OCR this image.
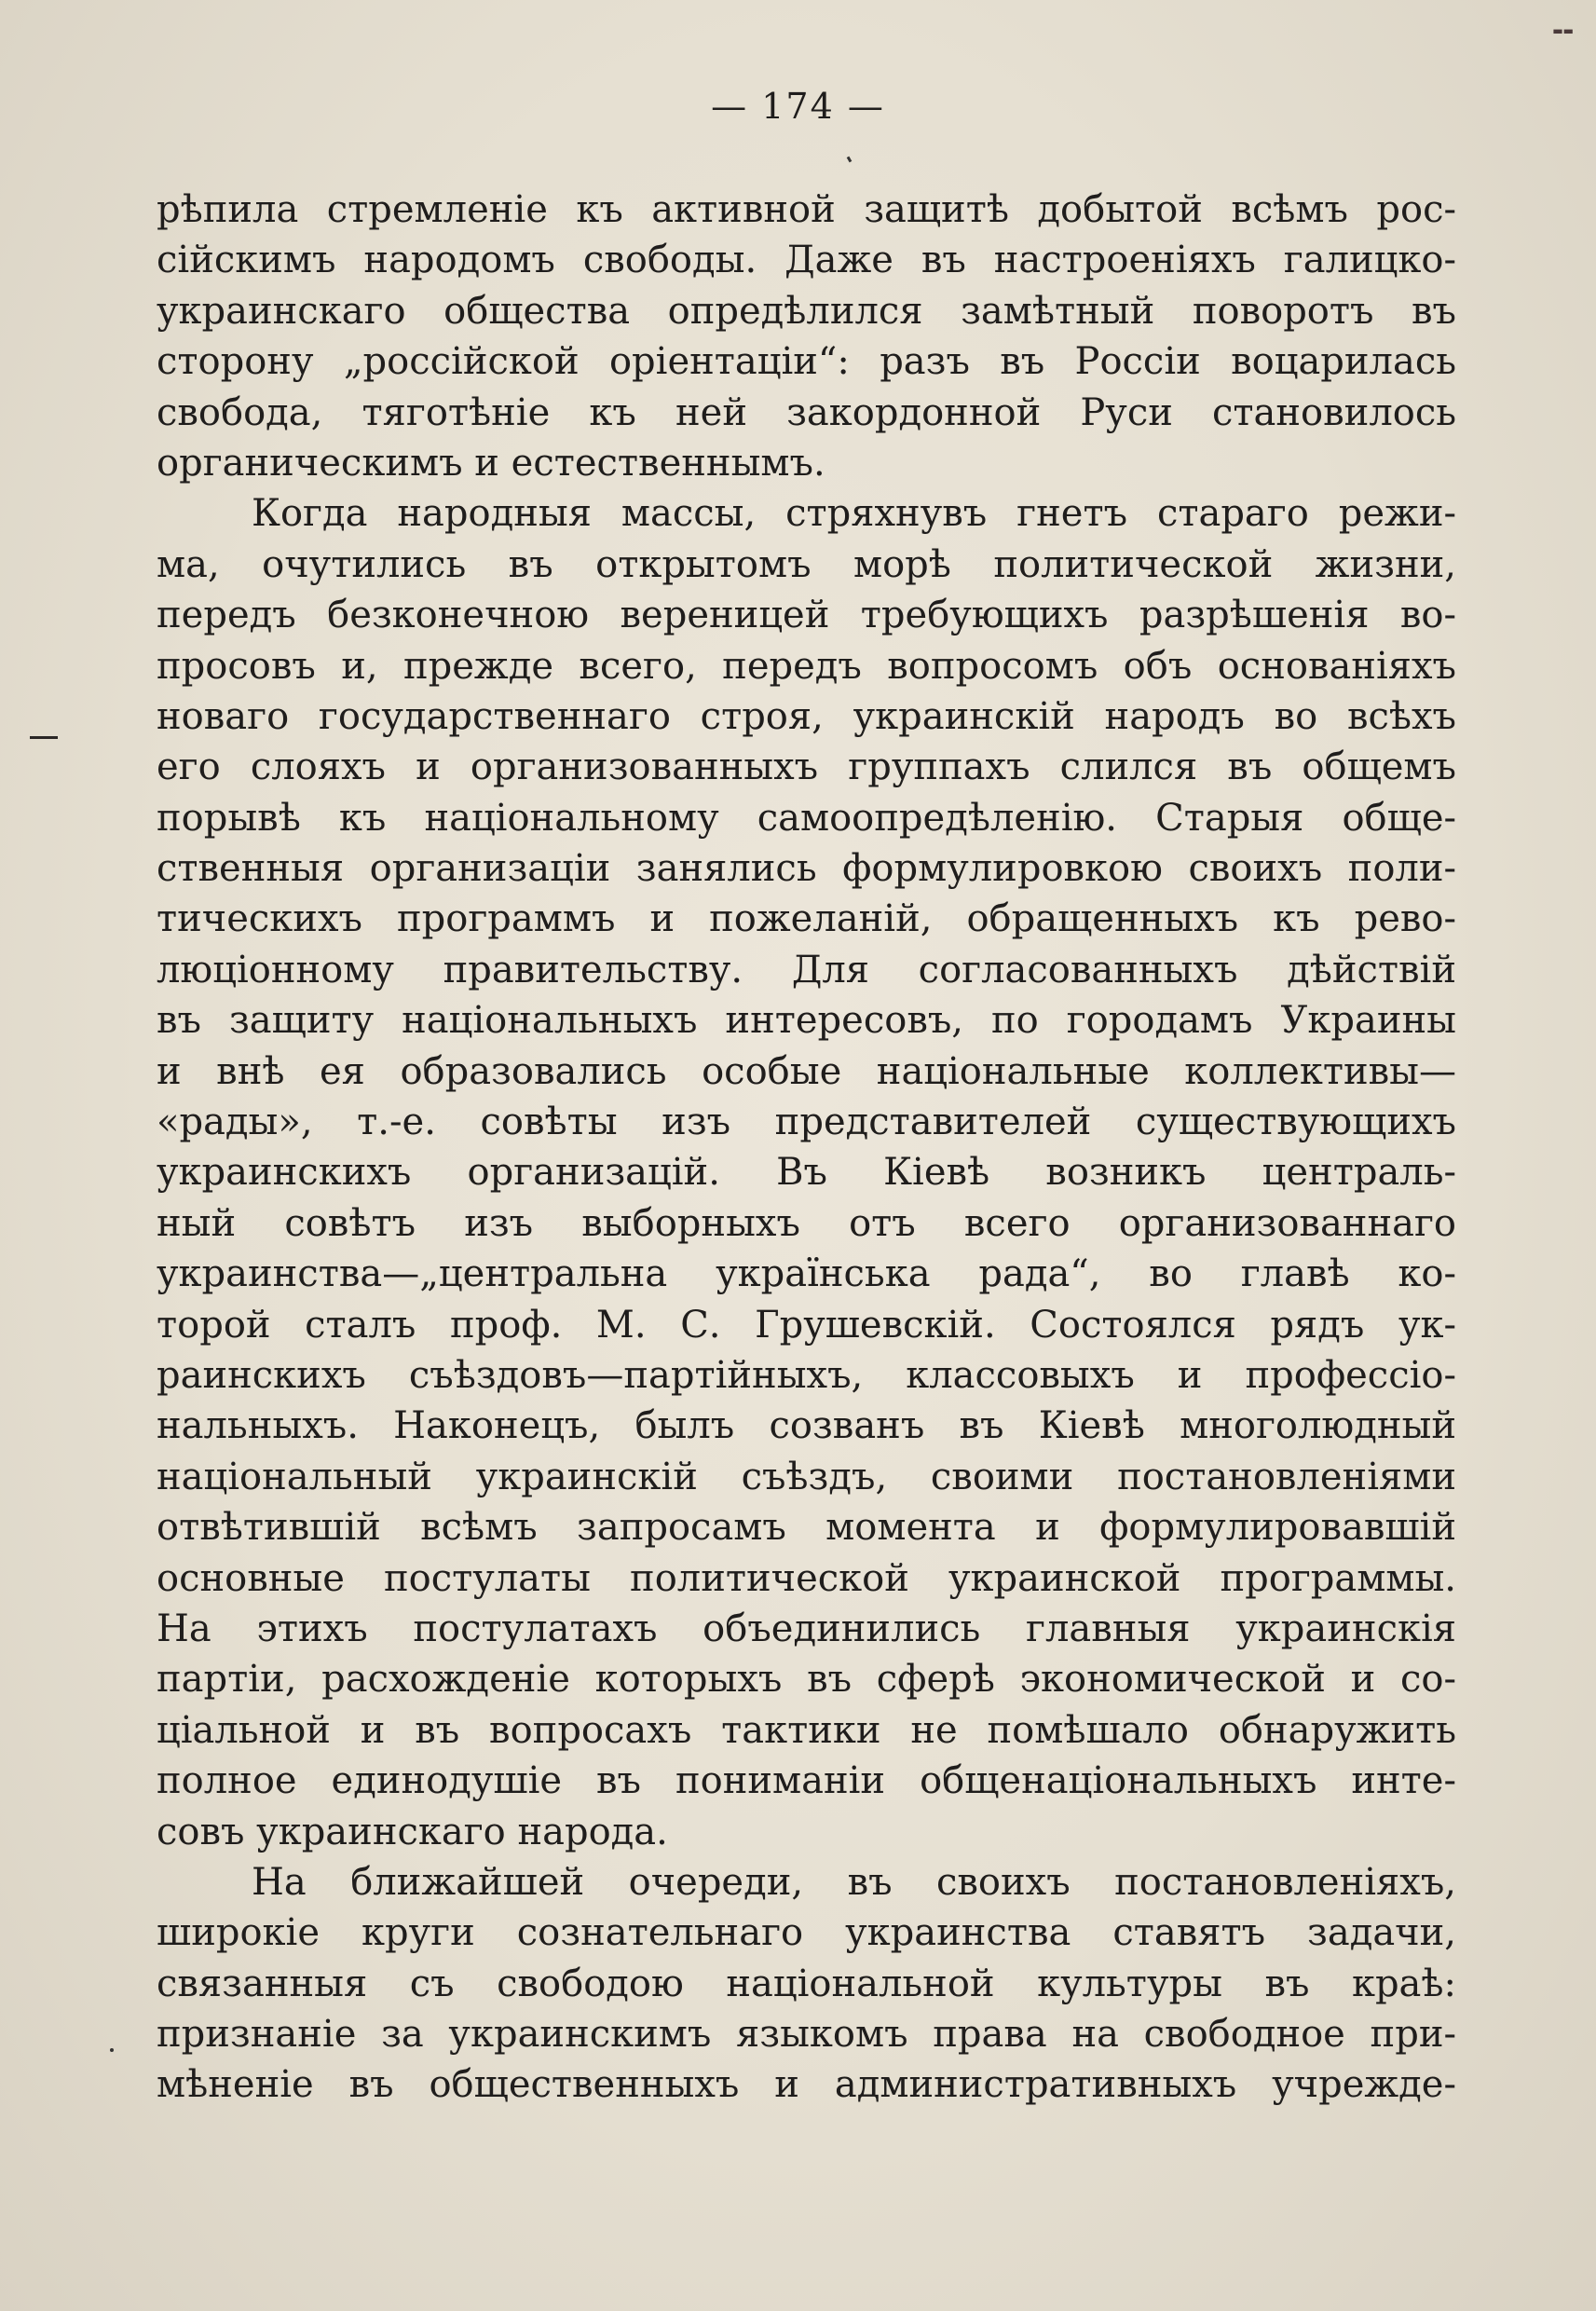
▬▬
— 174 —
рѣпила стремленіе къ активной защитѣ добытой всѣмъ рос-
сійскимъ народомъ свободы. Даже въ настроеніяхъ галицко-
украинскаго общества опредѣлился замѣтный поворотъ въ
сторону „россійской оріентаціи“: разъ въ Россіи воцарилась
свобода, тяготѣніе къ ней закордонной Руси становилось
органическимъ и естественнымъ.
Когда народныя массы, стряхнувъ гнетъ стараго режи-
ма, очутились въ открытомъ морѣ политической жизни,
передъ безконечною вереницей требующихъ разрѣшенія во-
просовъ и, прежде всего, передъ вопросомъ объ основаніяхъ
новаго государственнаго строя, украинскій народъ во всѣхъ
его слояхъ и организованныхъ группахъ слился въ общемъ
порывѣ къ національному самоопредѣленію. Старыя обще-
ственныя организаціи занялись формулировкою своихъ поли-
тическихъ программъ и пожеланій, обращенныхъ къ рево-
люціонному правительству. Для согласованныхъ дѣйствій
въ защиту національныхъ интересовъ, по городамъ Украины
и внѣ ея образовались особые національные коллективы—
«рады», т.-е. совѣты изъ представителей существующихъ
украинскихъ организацій. Въ Кіевѣ возникъ централь-
ный совѣтъ изъ выборныхъ отъ всего организованнаго
украинства—„центральна українська рада“, во главѣ ко-
торой сталъ проф. М. С. Грушевскій. Состоялся рядъ ук-
раинскихъ съѣздовъ—партійныхъ, классовыхъ и профессіо-
нальныхъ. Наконецъ, былъ созванъ въ Кіевѣ многолюдный
національный украинскій съѣздъ, своими постановленіями
отвѣтившій всѣмъ запросамъ момента и формулировавшій
основные постулаты политической украинской программы.
На этихъ постулатахъ объединились главныя украинскія
партіи, расхожденіе которыхъ въ сферѣ экономической и со-
ціальной и въ вопросахъ тактики не помѣшало обнаружить
полное единодушіе въ пониманіи общенаціональныхъ инте-
совъ украинскаго народа.
На ближайшей очереди, въ своихъ постановленіяхъ,
широкіе круги сознательнаго украинства ставятъ задачи,
связанныя съ свободою національной культуры въ краѣ:
признаніе за украинскимъ языкомъ права на свободное при-
мѣненіе въ общественныхъ и административныхъ учрежде-
